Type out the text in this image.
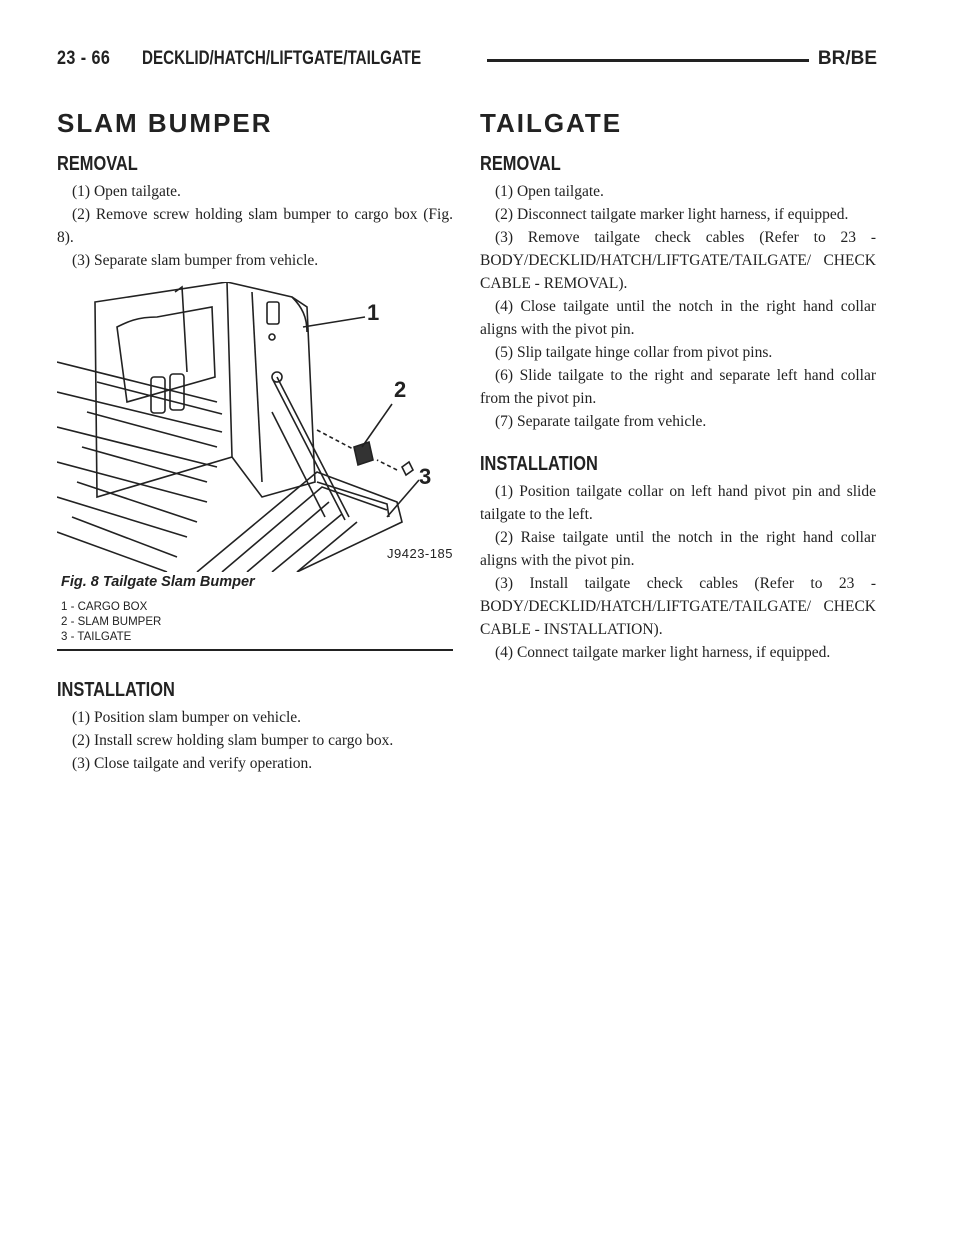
23 - 66 DECKLID/HATCH/LIFTGATE/TAILGATE	BR/BE
SLAM BUMPER
REMOVAL

(1) Open tailgate.

(2) Remove screw holding slam bumper to cargo box (Fig. 8).

(3) Separate slam bumper from vehicle.

1
2
3
J9423-185
Fig. 8 Tailgate Slam Bumper
1 - CARGO BOX
2 - SLAM BUMPER
3 - TAILGATE
INSTALLATION

(1) Position slam bumper on vehicle.

(2) Install screw holding slam bumper to cargo box.

(3) Close tailgate and verify operation.

TAILGATE
REMOVAL

(1) Open tailgate.

(2) Disconnect tailgate marker light harness, if equipped.

(3) Remove tailgate check cables (Refer to 23 - BODY/DECKLID/HATCH/LIFTGATE/TAILGATE/ CHECK CABLE - REMOVAL).

(4) Close tailgate until the notch in the right hand collar aligns with the pivot pin.

(5) Slip tailgate hinge collar from pivot pins.

(6) Slide tailgate to the right and separate left hand collar from the pivot pin.

(7) Separate tailgate from vehicle.

INSTALLATION

(1) Position tailgate collar on left hand pivot pin and slide tailgate to the left.

(2) Raise tailgate until the notch in the right hand collar aligns with the pivot pin.

(3) Install tailgate check cables (Refer to 23 - BODY/DECKLID/HATCH/LIFTGATE/TAILGATE/ CHECK CABLE - INSTALLATION).

(4) Connect tailgate marker light harness, if equipped.
